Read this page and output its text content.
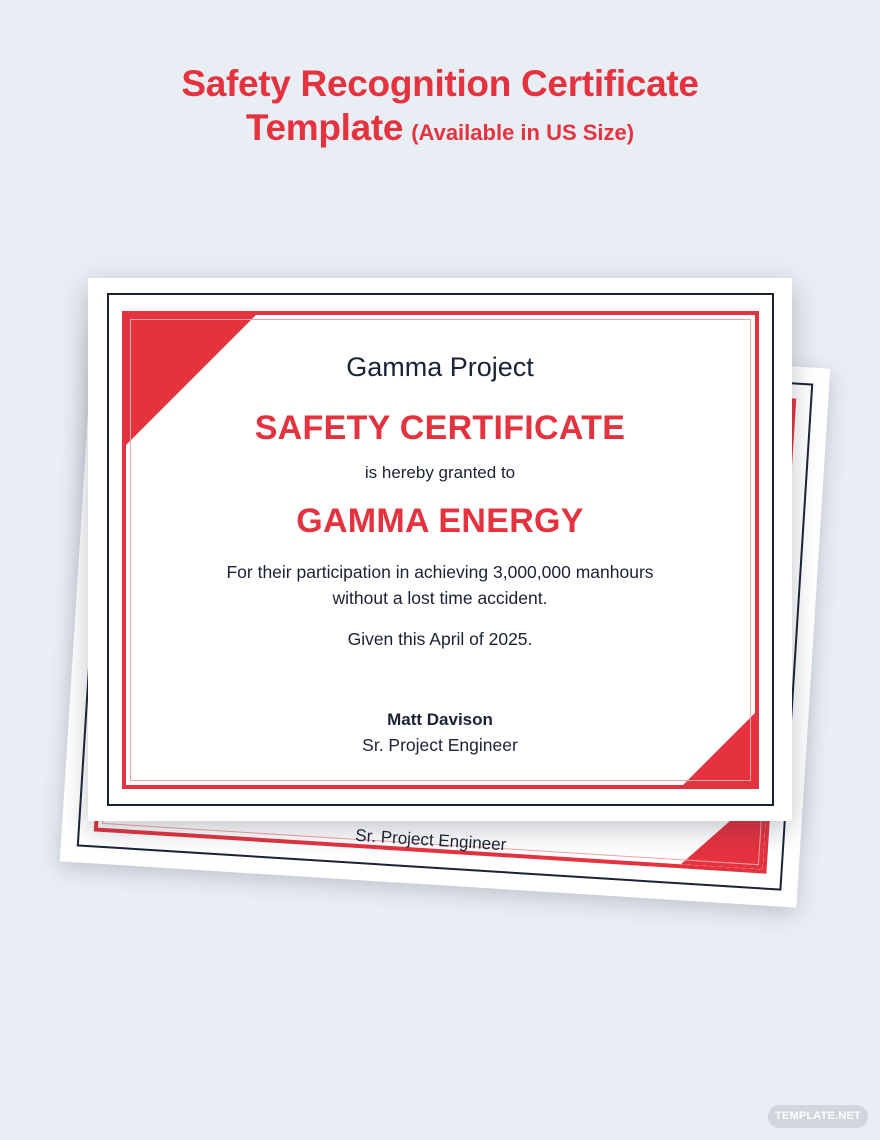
Safety Recognition Certificate
Template (Available in US Size)
Sr. Project Engineer
Gamma Project
SAFETY CERTIFICATE
is hereby granted to
GAMMA ENERGY
For their participation in achieving 3,000,000 manhours
without a lost time accident.
Given this April of 2025.
Matt Davison
Sr. Project Engineer
TEMPLATE.NET
